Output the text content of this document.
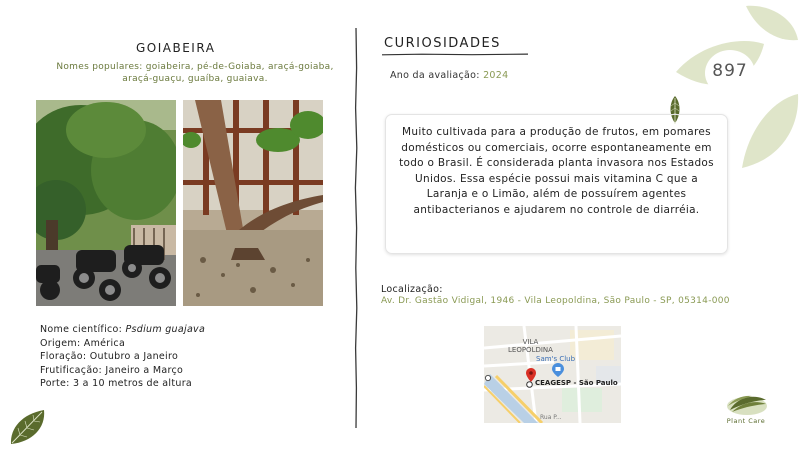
897
GOIABEIRA
Nomes populares: goiabeira, pé-de-Goiaba, araçá-goiaba, araçá-guaçu, guaíba, guaiava.
Nome científico: Psdium guajava
Origem: América
Floração: Outubro a Janeiro
Frutificação: Janeiro a Março
Porte: 3 a 10 metros de altura
CURIOSIDADES
Ano da avaliação: 2024
Muito cultivada para a produção de frutos, em pomares domésticos ou comerciais, ocorre espontaneamente em todo o Brasil. É considerada planta invasora nos Estados Unidos. Essa espécie possui mais vitamina C que a Laranja e o Limão, além de possuírem agentes antibacterianos e ajudarem no controle de diarréia.
Localização:
Av. Dr. Gastão Vidigal, 1946 - Vila Leopoldina, São Paulo - SP, 05314-000
VILA
LEOPOLDINA
Sam's Club
CEAGESP - São Paulo
Rua P...	Plant Care
